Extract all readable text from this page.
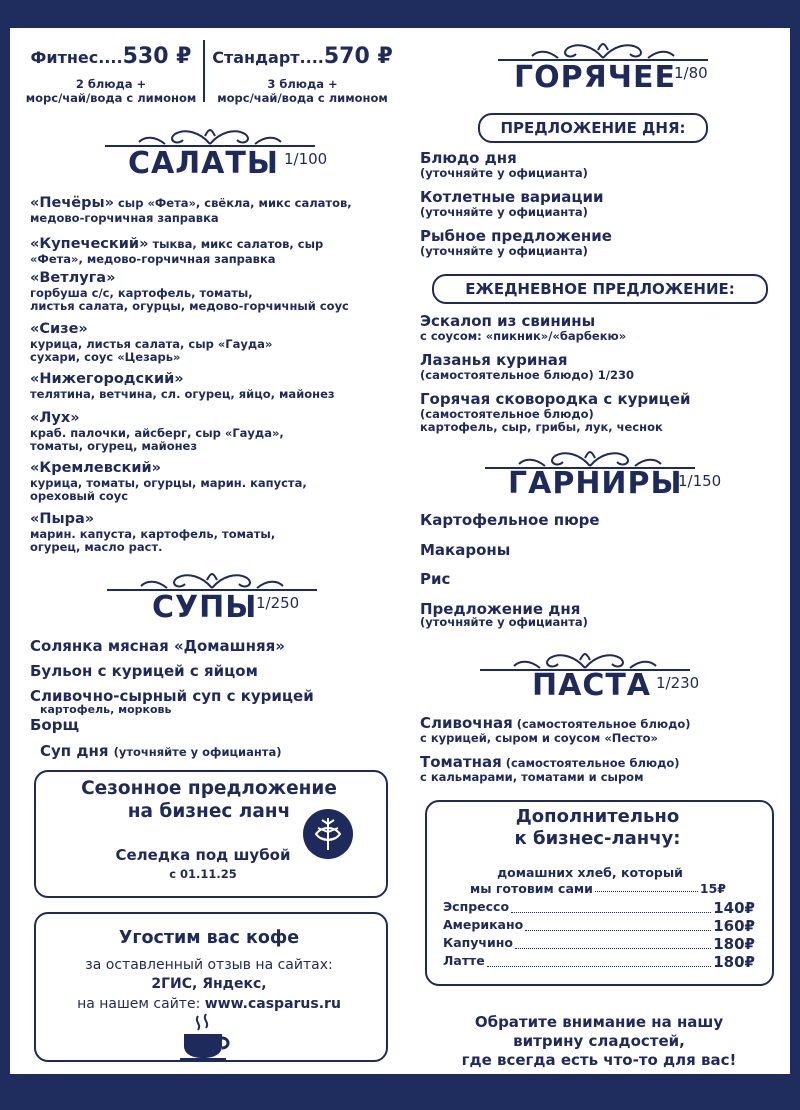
Фитнес....530 ₽
2 блюда +
морс/чай/вода с лимоном
Стандарт....570 ₽
3 блюда +
морс/чай/вода с лимоном
САЛАТЫ 1/100
«Печёры» сыр «Фета», свёкла, микс салатов,
медово-горчичная заправка
«Купеческий» тыква, микс салатов, сыр
«Фета», медово-горчичная заправка
«Ветлуга»
горбуша с/с, картофель, томаты,
листья салата, огурцы, медово-горчичный соус
«Сизе»
курица, листья салата, сыр «Гауда»
сухари, соус «Цезарь»
«Нижегородский»
телятина, ветчина, сл. огурец, яйцо, майонез
«Лух»
краб. палочки, айсберг, сыр «Гауда»,
томаты, огурец, майонез
«Кремлевский»
курица, томаты, огурцы, марин. капуста,
ореховый соус
«Пыра»
марин. капуста, картофель, томаты,
огурец, масло раст.
СУПЫ
1/250
Солянка мясная «Домашняя»
Бульон с курицей с яйцом
Сливочно-сырный суп с курицей
картофель, морковь
Борщ
Суп дня (уточняйте у официанта)
Сезонное предложение
на бизнес ланч
Селедка под шубой
с 01.11.25
Угостим вас кофе
за оставленный отзыв на сайтах:
2ГИС, Яндекс,
на нашем сайте: www.casparus.ru
ГОРЯЧЕЕ
1/80
ПРЕДЛОЖЕНИЕ ДНЯ:
Блюдо дня
(уточняйте у официанта)
Котлетные вариации
(уточняйте у официанта)
Рыбное предложение
(уточняйте у официанта)
ЕЖЕДНЕВНОЕ ПРЕДЛОЖЕНИЕ:
Эскалоп из свинины
с соусом: «пикник»/«барбекю»
Лазанья куриная
(самостоятельное блюдо) 1/230
Горячая сковородка с курицей
(самостоятельное блюдо)
картофель, сыр, грибы, лук, чеснок
ГАРНИРЫ
1/150
Картофельное пюре
Макароны
Рис
Предложение дня
(уточняйте у официанта)
ПАСТА 1/230
Сливочная (самостоятельное блюдо)
с курицей, сыром и соусом «Песто»
Томатная (самостоятельное блюдо)
с кальмарами, томатами и сыром
Дополнительно
к бизнес-ланчу:
домашних хлеб, который
мы готовим сами	15₽
Эспрессо	140₽
Американо	160₽
Капучино	180₽
Латте	180₽
Обратите внимание на нашу
витрину сладостей,
где всегда есть что-то для вас!
